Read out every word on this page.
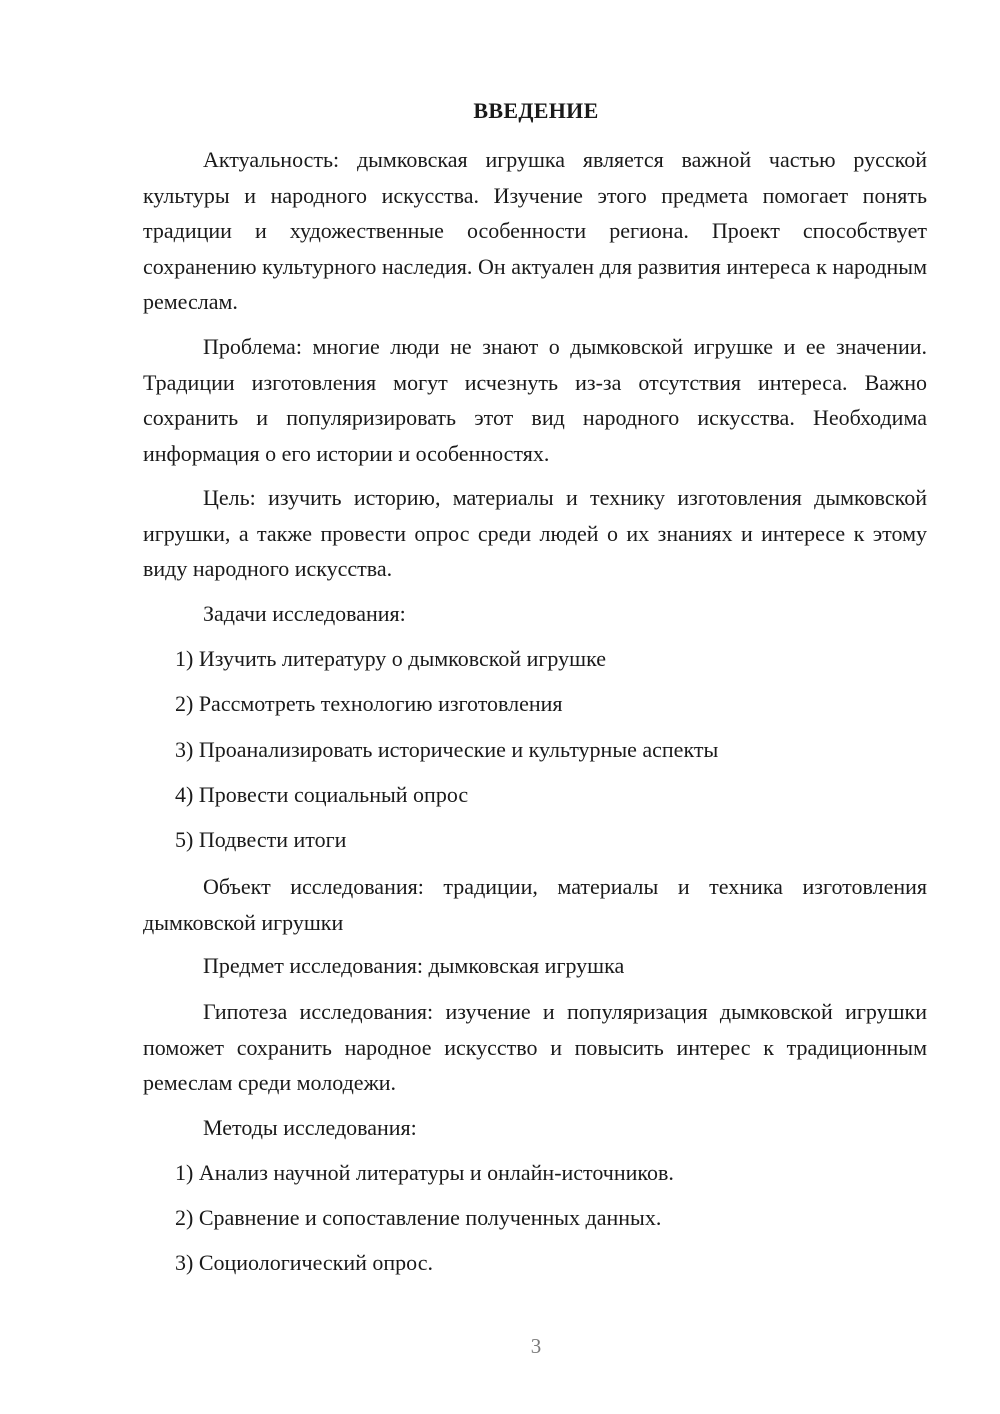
ВВЕДЕНИЕ

Актуальность: дымковская игрушка является важной частью русской культуры и народного искусства. Изучение этого предмета помогает понять традиции и художественные особенности региона. Проект способствует сохранению культурного наследия. Он актуален для развития интереса к народным ремеслам.

Проблема: многие люди не знают о дымковской игрушке и ее значении. Традиции изготовления могут исчезнуть из-за отсутствия интереса. Важно сохранить и популяризировать этот вид народного искусства. Необходима информация о его истории и особенностях.

Цель: изучить историю, материалы и технику изготовления дымковской игрушки, а также провести опрос среди людей о их знаниях и интересе к этому виду народного искусства.

Задачи исследования:

1) Изучить литературу о дымковской игрушке

2) Рассмотреть технологию изготовления

3) Проанализировать исторические и культурные аспекты

4) Провести социальный опрос

5) Подвести итоги

Объект исследования: традиции, материалы и техника изготовления дымковской игрушки

Предмет исследования: дымковская игрушка

Гипотеза исследования: изучение и популяризация дымковской игрушки поможет сохранить народное искусство и повысить интерес к традиционным ремеслам среди молодежи.

Методы исследования:

1) Анализ научной литературы и онлайн-источников.

2) Сравнение и сопоставление полученных данных.

3) Социологический опрос.

3
